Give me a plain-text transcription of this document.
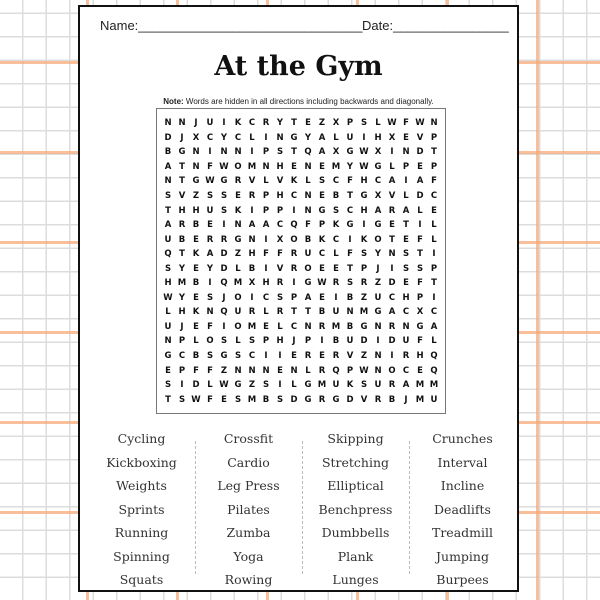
Name:_______________________________ Date:________________
At the Gym
Note: Words are hidden in all directions including backwards and diagonally.
N N	J	U	I	K C R Y T E Z X P S L W F W N
D	J	X C Y C L	I	N G Y A L U	I	H X E V P
B G N	I	N N	I	P S T Q A X G W X	I	N D T
A T N F W O M N H E N E M Y W G L P E P
N T G W G R V L V K L S C F H C A	I	A F
S V Z S S E R P H C N E B T G X V L D C
T H H U S K	I	P P	I	N G S C H A R A L E
A R B E	I	N A A C Q F P K G	I	G E T	I	L
U B E R R G N	I	X O B K C	I	K O T E F L
Q T K A D Z H F F R U C L F S Y N S T	I
S Y E Y D L B	I	V R O E E T P	J	I	S S P
H M B	I	Q M X H R	I	G W R S R Z D E F T
W Y E S	J	O	I	C S P A E	I	B Z U C H P	I
L H K N Q U R L R T T B U N M G A C X C
U	J	E F	I	O M E L C N R M B G N R N G A
N P L O S L S P H	J	P	I	B U D	I	D U F L
G C B S G S C	I	I	E R E R V Z N	I	R H Q
E P F F Z N N N E N L R Q P W N O C E Q
S	I	D L W G Z S	I	L G M U K S U R A M M
T S W F E S M B S D G R G D V R B	J M U
Cycling
Kickboxing
Weights
Sprints
Running
Spinning
Squats
Crossfit
Cardio
Leg Press
Pilates
Zumba
Yoga
Rowing
Skipping
Stretching
Elliptical
Benchpress
Dumbbells
Plank
Lunges
Crunches
Interval
Incline
Deadlifts
Treadmill
Jumping
Burpees
